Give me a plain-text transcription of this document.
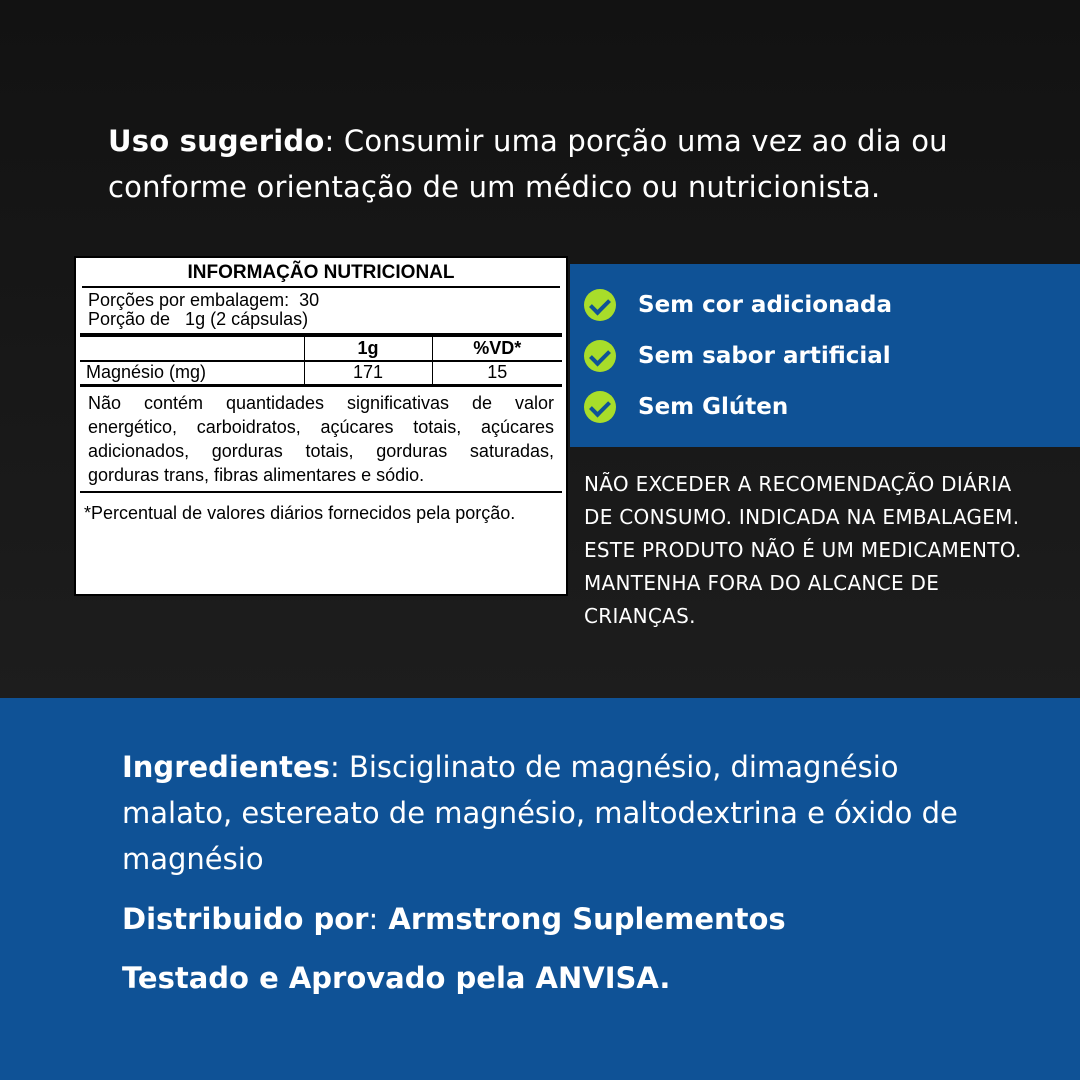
Uso sugerido: Consumir uma porção uma vez ao dia ou conforme orientação de um médico ou nutricionista.
INFORMAÇÃO NUTRICIONAL
Porções por embalagem:  30
Porção de   1g (2 cápsulas)
	1g	%VD*
Magnésio (mg)	171	15
Não contém quantidades significativas de valor energético, carboidratos, açúcares totais, açúcares adicionados, gorduras totais, gorduras saturadas, gorduras trans, fibras alimentares e sódio.
*Percentual de valores diários fornecidos pela porção.
Sem cor adicionada
Sem sabor artificial
Sem Glúten
NÃO EXCEDER A RECOMENDAÇÃO DIÁRIA DE CONSUMO. INDICADA NA EMBALAGEM. ESTE PRODUTO NÃO É UM MEDICAMENTO. MANTENHA FORA DO ALCANCE DE CRIANÇAS.
Ingredientes: Bisciglinato de magnésio, dimagnésio malato, estereato de magnésio, maltodextrina e óxido de magnésio
Distribuido por: Armstrong Suplementos
Testado e Aprovado pela ANVISA.
